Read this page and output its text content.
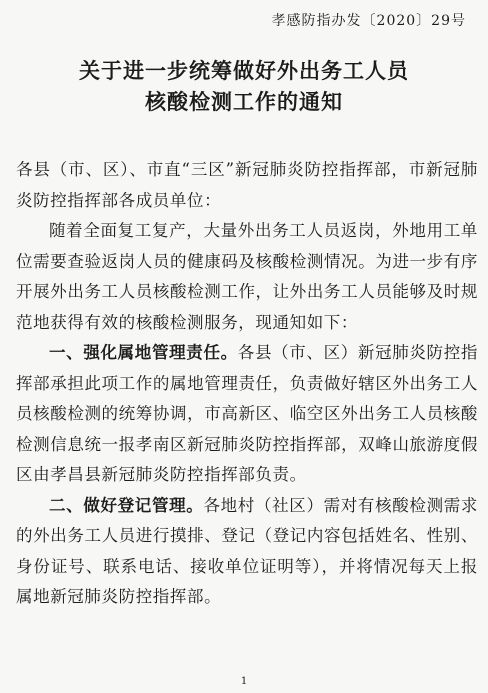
孝感防指办发〔2020〕29号
关于进一步统筹做好外出务工人员
核酸检测工作的通知

各县（市、区）、市直“三区”新冠肺炎防控指挥部，市新冠肺炎防控指挥部各成员单位：

随着全面复工复产，大量外出务工人员返岗，外地用工单位需要查验返岗人员的健康码及核酸检测情况。为进一步有序开展外出务工人员核酸检测工作，让外出务工人员能够及时规范地获得有效的核酸检测服务，现通知如下：

一、强化属地管理责任。各县（市、区）新冠肺炎防控指挥部承担此项工作的属地管理责任，负责做好辖区外出务工人员核酸检测的统筹协调，市高新区、临空区外出务工人员核酸检测信息统一报孝南区新冠肺炎防控指挥部，双峰山旅游度假区由孝昌县新冠肺炎防控指挥部负责。

二、做好登记管理。各地村（社区）需对有核酸检测需求的外出务工人员进行摸排、登记（登记内容包括姓名、性别、身份证号、联系电话、接收单位证明等），并将情况每天上报属地新冠肺炎防控指挥部。

1
